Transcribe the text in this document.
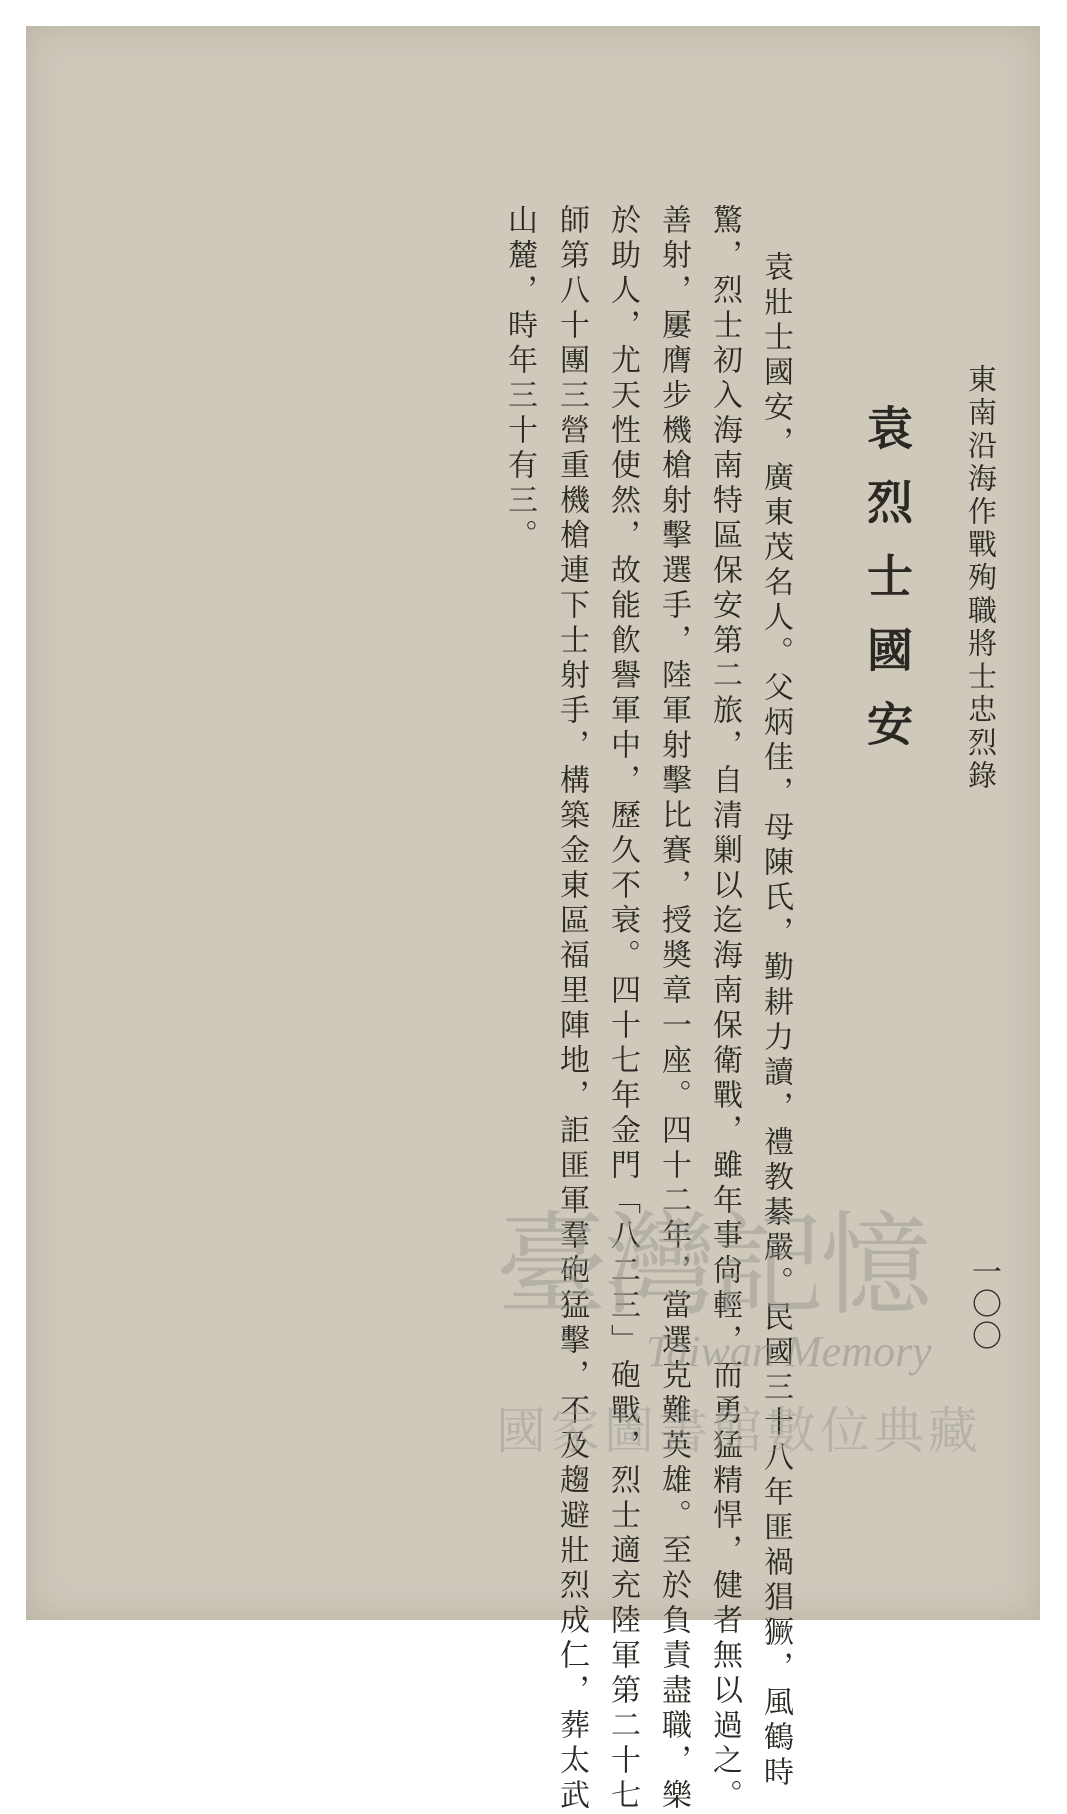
東南沿海作戰殉職將士忠烈錄
一〇〇
袁烈士國安
袁壯士國安，廣東茂名人。父炳佳，母陳氏，勤耕力讀，禮教綦嚴。民國三十八年匪禍猖獗，風鶴時
驚，烈士初入海南特區保安第二旅，自清剿以迄海南保衛戰，雖年事尙輕，而勇猛精悍，健者無以過之。
善射，屢膺步機槍射擊選手，陸軍射擊比賽，授奬章一座。四十二年，當選克難英雄。至於負責盡職，樂
於助人，尤天性使然，故能飮譽軍中，歷久不衰。四十七年金門「八二三」砲戰，烈士適充陸軍第二十七
師第八十團三營重機槍連下士射手，構築金東區福里陣地，詎匪軍羣砲猛擊，不及趨避壯烈成仁，葬太武
山麓，時年三十有三。
臺灣記憶
Taiwan Memory
國家圖書館數位典藏
